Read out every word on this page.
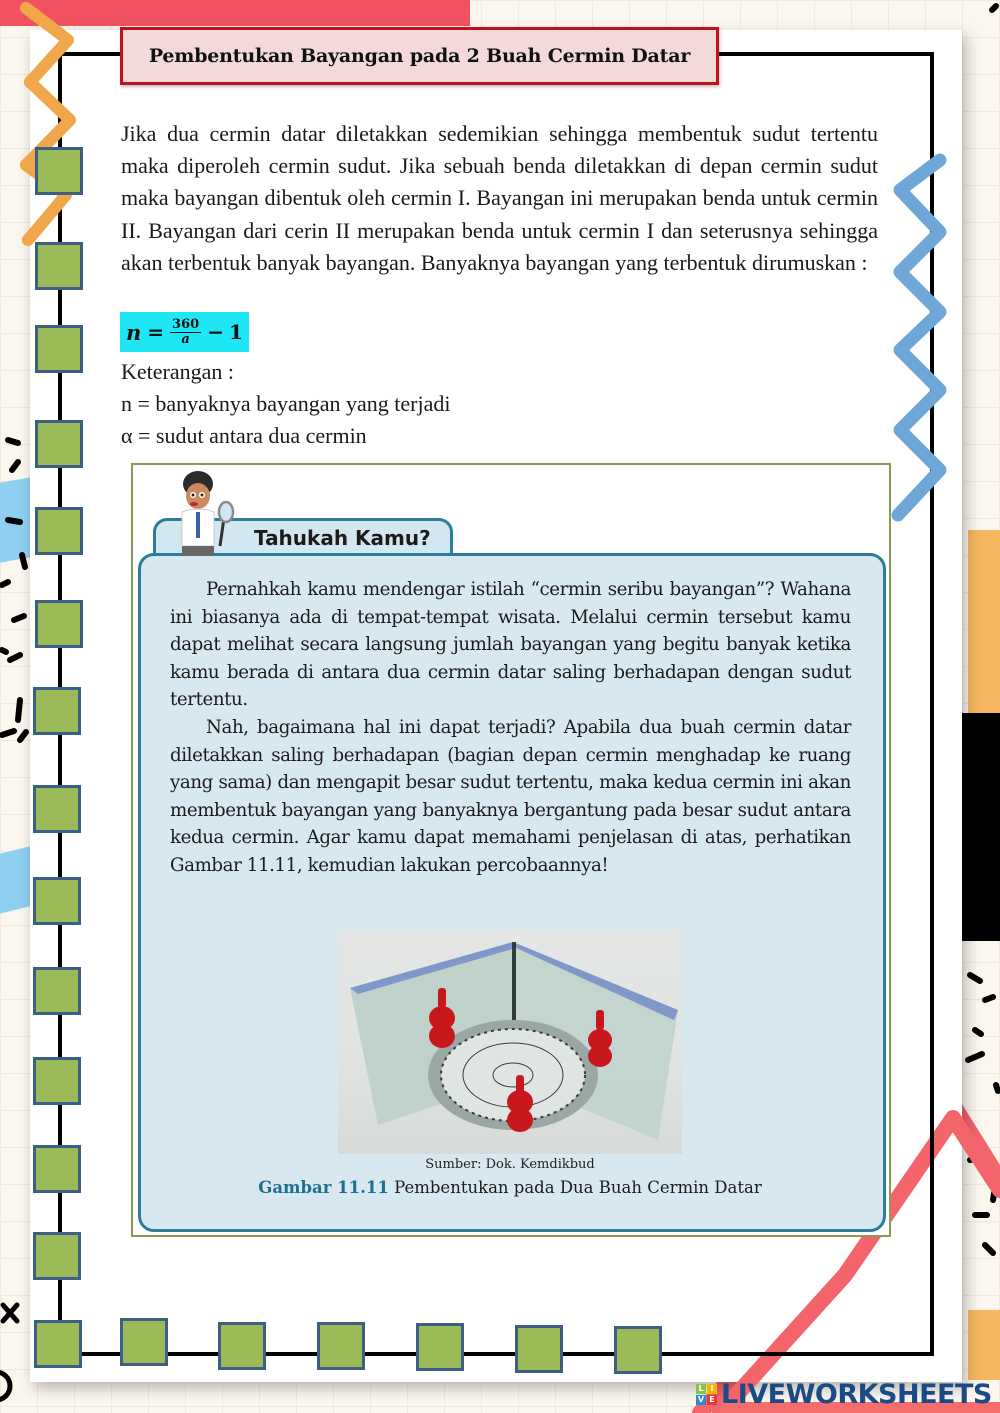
Pembentukan Bayangan pada 2 Buah Cermin Datar

Jika dua cermin datar diletakkan sedemikian sehingga membentuk sudut tertentu maka diperoleh cermin sudut. Jika sebuah benda diletakkan di depan cermin sudut maka bayangan dibentuk oleh cermin I. Bayangan ini merupakan benda untuk cermin II. Bayangan dari cerin II merupakan benda untuk cermin I dan seterusnya sehingga akan terbentuk banyak bayangan. Banyaknya bayangan yang terbentuk dirumuskan :

$n = \frac{360}{a} - 1$
Keterangan :
n = banyaknya bayangan yang terjadi
α = sudut antara dua cermin
Tahukah Kamu?

Pernahkah kamu mendengar istilah “cermin seribu bayangan”? Wahana ini biasanya ada di tempat-tempat wisata. Melalui cermin tersebut kamu dapat melihat secara langsung jumlah bayangan yang begitu banyak ketika kamu berada di antara dua cermin datar saling berhadapan dengan sudut tertentu.

Nah, bagaimana hal ini dapat terjadi? Apabila dua buah cermin datar diletakkan saling berhadapan (bagian depan cermin menghadap ke ruang yang sama) dan mengapit besar sudut tertentu, maka kedua cermin ini akan membentuk bayangan yang banyaknya bergantung pada besar sudut antara kedua cermin. Agar kamu dapat memahami penjelasan di atas, perhatikan Gambar 11.11, kemudian lakukan percobaannya!

Sumber: Dok. Kemdikbud
Gambar 11.11 Pembentukan pada Dua Buah Cermin Datar
L I
V E LIVEWORKSHEETS
